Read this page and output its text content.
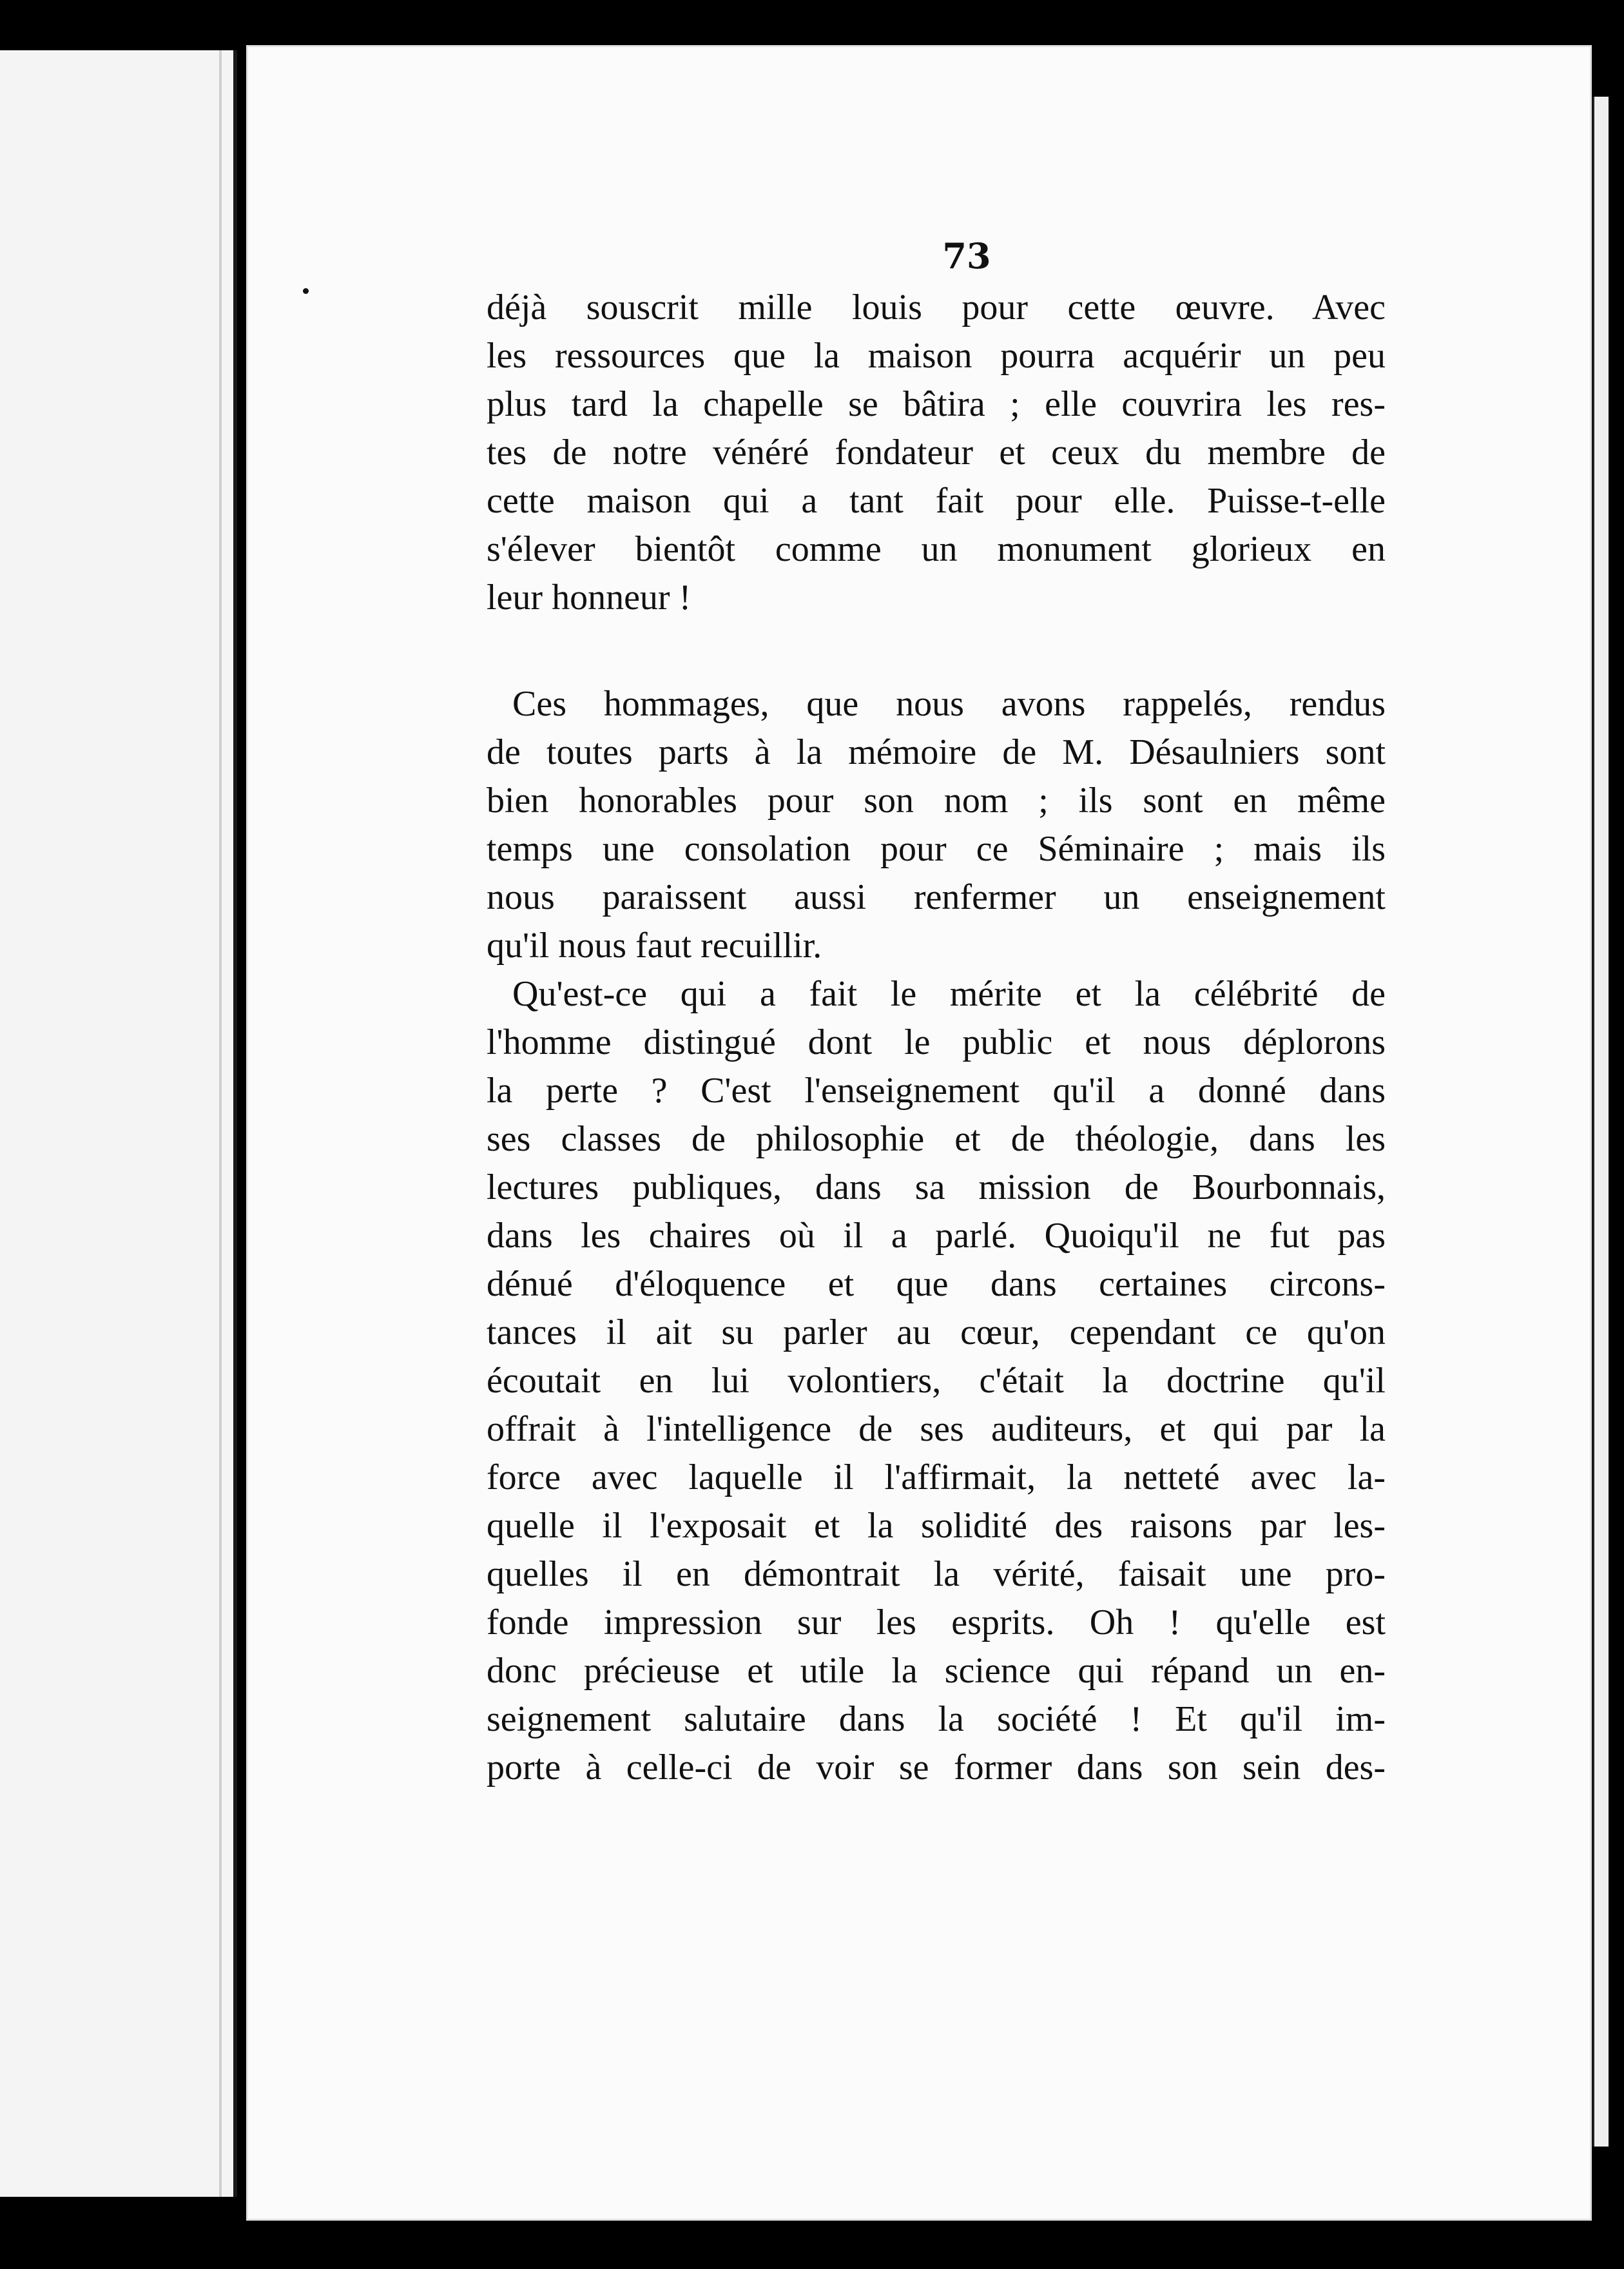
73

déjà souscrit mille louis pour cette œuvre. Avec
les ressources que la maison pourra acquérir un peu
plus tard la chapelle se bâtira ; elle couvrira les res-
tes de notre vénéré fondateur et ceux du membre de
cette maison qui a tant fait pour elle. Puisse-t-elle
s'élever bientôt comme un monument glorieux en
leur honneur !
Ces hommages, que nous avons rappelés, rendus
de toutes parts à la mémoire de M. Désaulniers sont
bien honorables pour son nom ; ils sont en même
temps une consolation pour ce Séminaire ; mais ils
nous paraissent aussi renfermer un enseignement
qu'il nous faut recuillir.
Qu'est-ce qui a fait le mérite et la célébrité de
l'homme distingué dont le public et nous déplorons
la perte ? C'est l'enseignement qu'il a donné dans
ses classes de philosophie et de théologie, dans les
lectures publiques, dans sa mission de Bourbonnais,
dans les chaires où il a parlé. Quoiqu'il ne fut pas
dénué d'éloquence et que dans certaines circons-
tances il ait su parler au cœur, cependant ce qu'on
écoutait en lui volontiers, c'était la doctrine qu'il
offrait à l'intelligence de ses auditeurs, et qui par la
force avec laquelle il l'affirmait, la netteté avec la-
quelle il l'exposait et la solidité des raisons par les-
quelles il en démontrait la vérité, faisait une pro-
fonde impression sur les esprits. Oh ! qu'elle est
donc précieuse et utile la science qui répand un en-
seignement salutaire dans la société ! Et qu'il im-
porte à celle-ci de voir se former dans son sein des-
